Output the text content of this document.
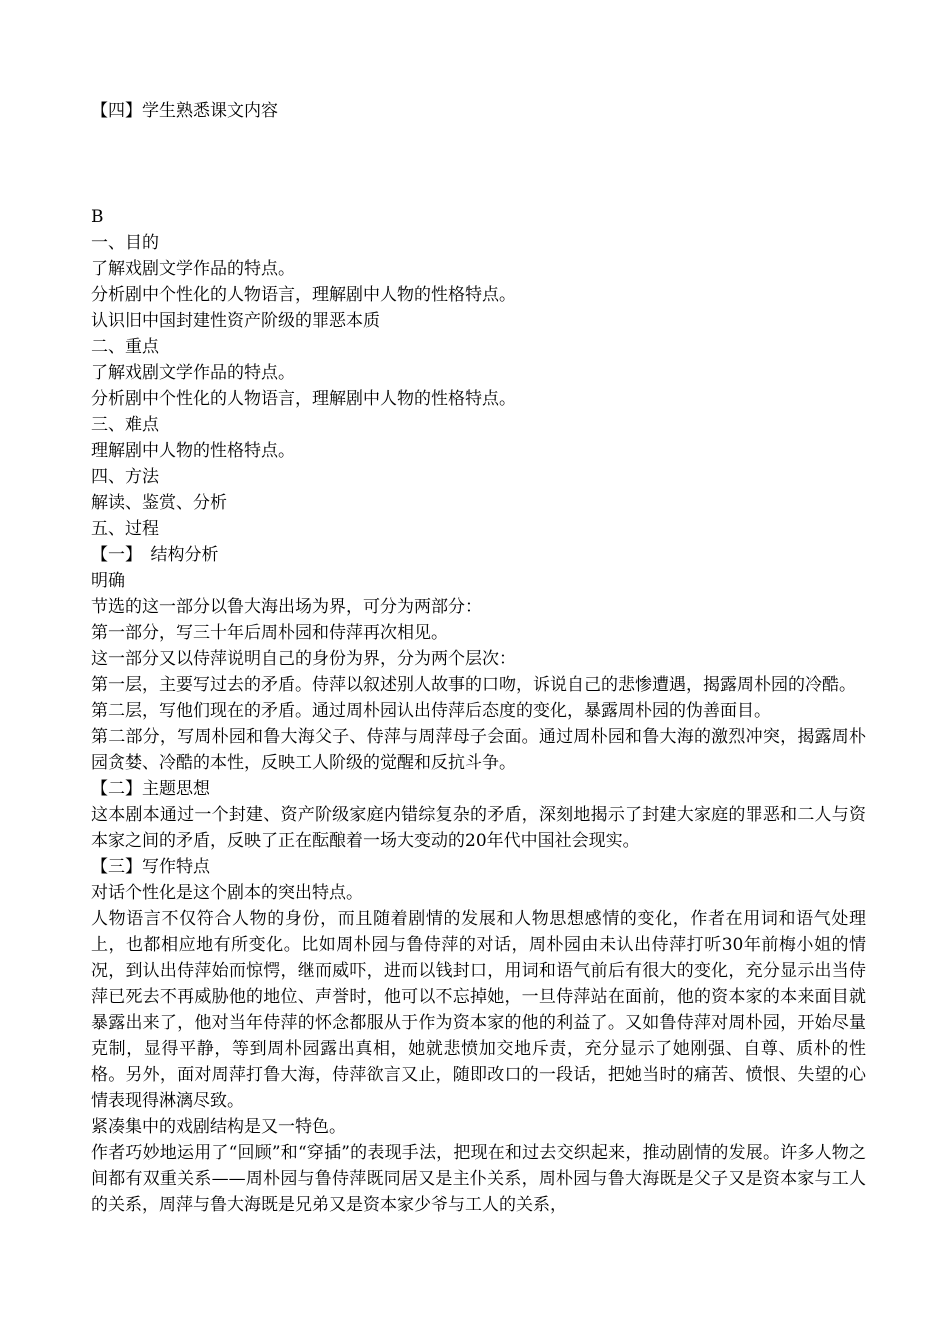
【四】学生熟悉课文内容

B

一、目的

了解戏剧文学作品的特点。

分析剧中个性化的人物语言，理解剧中人物的性格特点。

认识旧中国封建性资产阶级的罪恶本质

二、重点

了解戏剧文学作品的特点。

分析剧中个性化的人物语言，理解剧中人物的性格特点。

三、难点

理解剧中人物的性格特点。

四、方法

解读、鉴赏、分析

五、过程

【一】　结构分析

明确

节选的这一部分以鲁大海出场为界，可分为两部分：

第一部分，写三十年后周朴园和侍萍再次相见。

这一部分又以侍萍说明自己的身份为界，分为两个层次：

第一层，主要写过去的矛盾。侍萍以叙述别人故事的口吻，诉说自己的悲惨遭遇，揭露周朴园的冷酷。

第二层，写他们现在的矛盾。通过周朴园认出侍萍后态度的变化，暴露周朴园的伪善面目。

第二部分，写周朴园和鲁大海父子、侍萍与周萍母子会面。通过周朴园和鲁大海的激烈冲突，揭露周朴园贪婪、冷酷的本性，反映工人阶级的觉醒和反抗斗争。

【二】主题思想

这本剧本通过一个封建、资产阶级家庭内错综复杂的矛盾，深刻地揭示了封建大家庭的罪恶和二人与资本家之间的矛盾，反映了正在酝酿着一场大变动的20年代中国社会现实。

【三】写作特点

对话个性化是这个剧本的突出特点。

人物语言不仅符合人物的身份，而且随着剧情的发展和人物思想感情的变化，作者在用词和语气处理上，也都相应地有所变化。比如周朴园与鲁侍萍的对话，周朴园由未认出侍萍打听30年前梅小姐的情况，到认出侍萍始而惊愕，继而威吓，进而以钱封口，用词和语气前后有很大的变化，充分显示出当侍萍已死去不再威胁他的地位、声誉时，他可以不忘掉她，一旦侍萍站在面前，他的资本家的本来面目就暴露出来了，他对当年侍萍的怀念都服从于作为资本家的他的利益了。又如鲁侍萍对周朴园，开始尽量克制，显得平静，等到周朴园露出真相，她就悲愤加交地斥责，充分显示了她刚强、自尊、质朴的性格。另外，面对周萍打鲁大海，侍萍欲言又止，随即改口的一段话，把她当时的痛苦、愤恨、失望的心情表现得淋漓尽致。

紧凑集中的戏剧结构是又一特色。

作者巧妙地运用了“回顾”和“穿插”的表现手法，把现在和过去交织起来，推动剧情的发展。许多人物之间都有双重关系——周朴园与鲁侍萍既同居又是主仆关系，周朴园与鲁大海既是父子又是资本家与工人的关系，周萍与鲁大海既是兄弟又是资本家少爷与工人的关系，
